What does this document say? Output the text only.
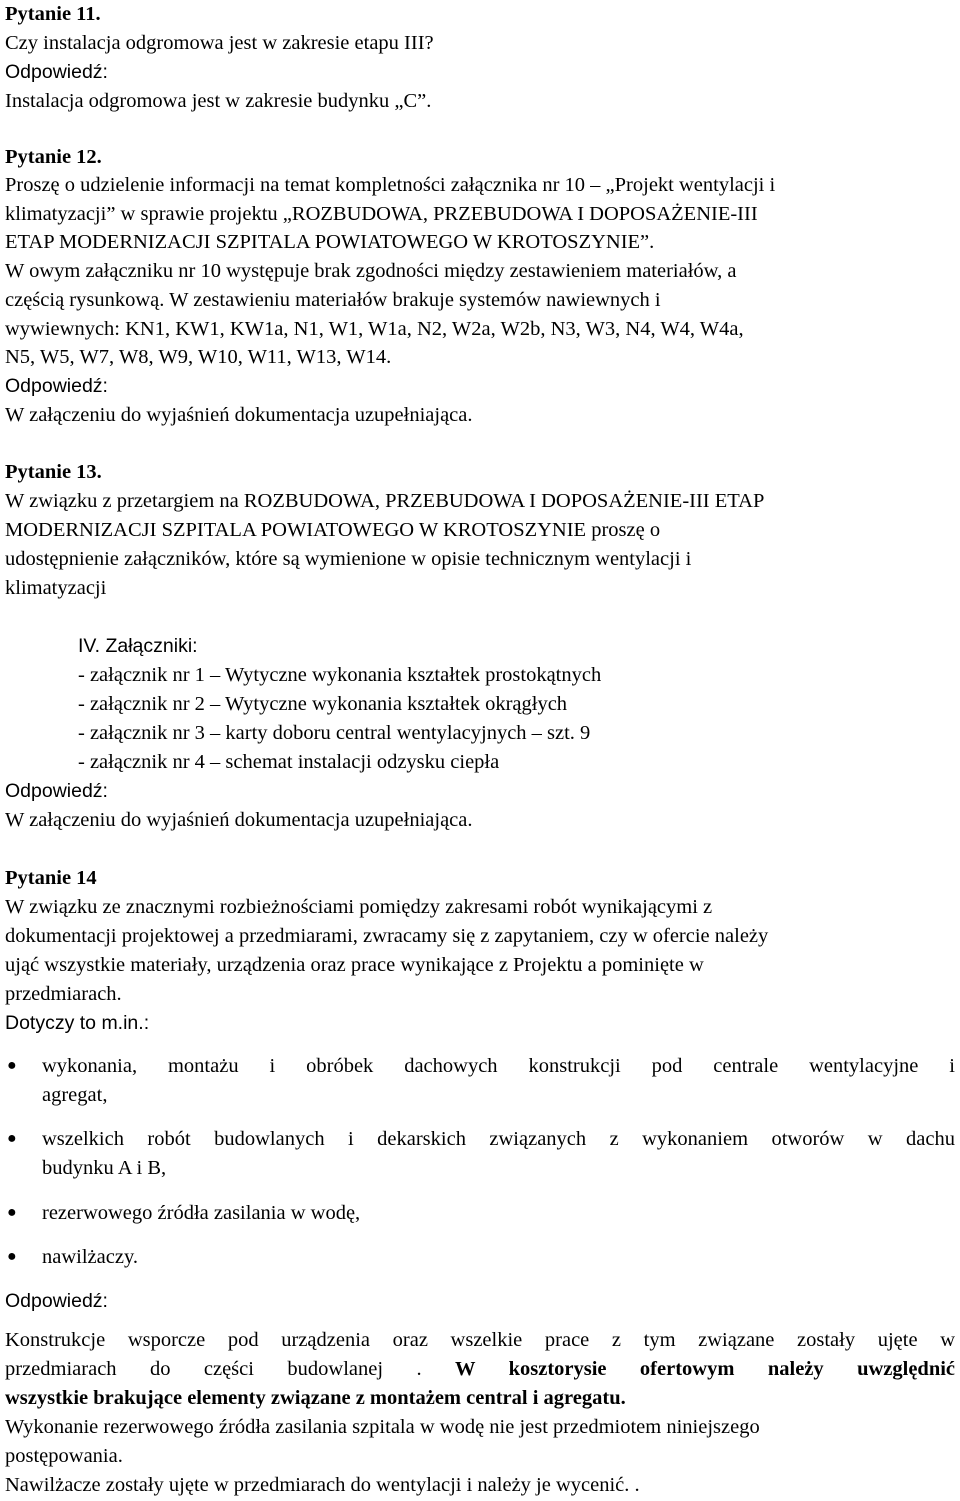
Pytanie 11.
Czy instalacja odgromowa jest w zakresie etapu III?
Odpowiedź:
Instalacja odgromowa jest w zakresie budynku „C”.
Pytanie 12.
Proszę o udzielenie informacji na temat kompletności załącznika nr 10 – „Projekt wentylacji i
klimatyzacji” w sprawie projektu „ROZBUDOWA, PRZEBUDOWA I DOPOSAŻENIE-III
ETAP MODERNIZACJI SZPITALA POWIATOWEGO W KROTOSZYNIE”.
W owym załączniku nr 10 występuje brak zgodności między zestawieniem materiałów, a
częścią rysunkową. W zestawieniu materiałów brakuje systemów nawiewnych i
wywiewnych: KN1, KW1, KW1a, N1, W1, W1a, N2, W2a, W2b, N3, W3, N4, W4, W4a,
N5, W5, W7, W8, W9, W10, W11, W13, W14.
Odpowiedź:
W załączeniu do wyjaśnień dokumentacja uzupełniająca.
Pytanie 13.
W związku z przetargiem na ROZBUDOWA, PRZEBUDOWA I DOPOSAŻENIE-III ETAP
MODERNIZACJI SZPITALA POWIATOWEGO W KROTOSZYNIE proszę o
udostępnienie załączników, które są wymienione w opisie technicznym wentylacji i
klimatyzacji
IV. Załączniki:
- załącznik nr 1 – Wytyczne wykonania kształtek prostokątnych
- załącznik nr 2 – Wytyczne wykonania kształtek okrągłych
- załącznik nr 3 – karty doboru central wentylacyjnych – szt. 9
- załącznik nr 4 – schemat instalacji odzysku ciepła
Odpowiedź:
W załączeniu do wyjaśnień dokumentacja uzupełniająca.
Pytanie 14
W związku ze znacznymi rozbieżnościami pomiędzy zakresami robót wynikającymi z
dokumentacji projektowej a przedmiarami, zwracamy się z zapytaniem, czy w ofercie należy
ująć wszystkie materiały, urządzenia oraz prace wynikające z Projektu a pominięte w
przedmiarach.
Dotyczy to m.in.:
● wykonania, montażu i obróbek dachowych konstrukcji pod centrale wentylacyjne i
agregat,
● wszelkich robót budowlanych i dekarskich związanych z wykonaniem otworów w dachu
budynku A i B,
● rezerwowego źródła zasilania w wodę,
● nawilżaczy.
Odpowiedź:
Konstrukcje wsporcze pod urządzenia oraz wszelkie prace z tym związane zostały ujęte w
przedmiarach do części budowlanej . W kosztorysie ofertowym należy uwzględnić
wszystkie brakujące elementy związane z montażem central i agregatu.
Wykonanie rezerwowego źródła zasilania szpitala w wodę nie jest przedmiotem niniejszego
postępowania.
Nawilżacze zostały ujęte w przedmiarach do wentylacji i należy je wycenić. .
